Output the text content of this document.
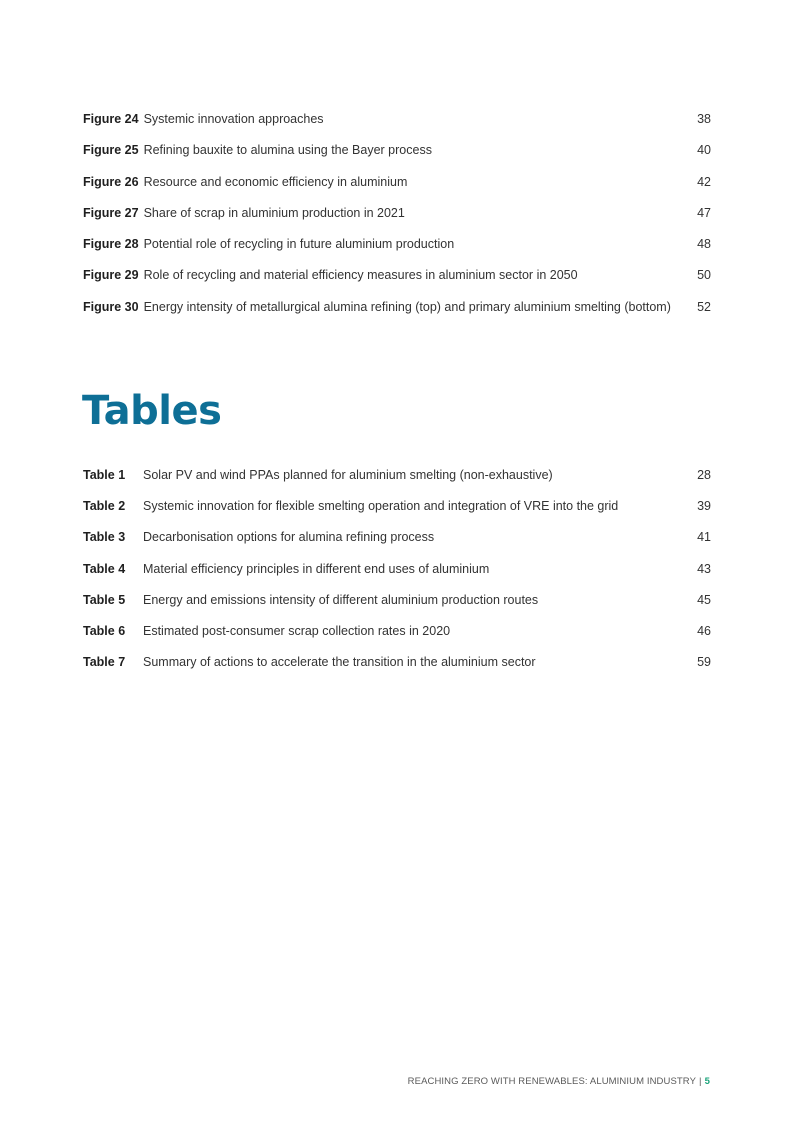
Figure 24 Systemic innovation approaches	38
Figure 25 Refining bauxite to alumina using the Bayer process	40
Figure 26 Resource and economic efficiency in aluminium	42
Figure 27 Share of scrap in aluminium production in 2021	47
Figure 28 Potential role of recycling in future aluminium production	48
Figure 29 Role of recycling and material efficiency measures in aluminium sector in 2050	50
Figure 30 Energy intensity of metallurgical alumina refining (top) and primary aluminium smelting (bottom)	52
Tables
Table 1	Solar PV and wind PPAs planned for aluminium smelting (non-exhaustive)	28
Table 2	Systemic innovation for flexible smelting operation and integration of VRE into the grid	39
Table 3	Decarbonisation options for alumina refining process	41
Table 4	Material efficiency principles in different end uses of aluminium	43
Table 5	Energy and emissions intensity of different aluminium production routes	45
Table 6	Estimated post-consumer scrap collection rates in 2020	46
Table 7	Summary of actions to accelerate the transition in the aluminium sector	59
REACHING ZERO WITH RENEWABLES: ALUMINIUM INDUSTRY | 5
